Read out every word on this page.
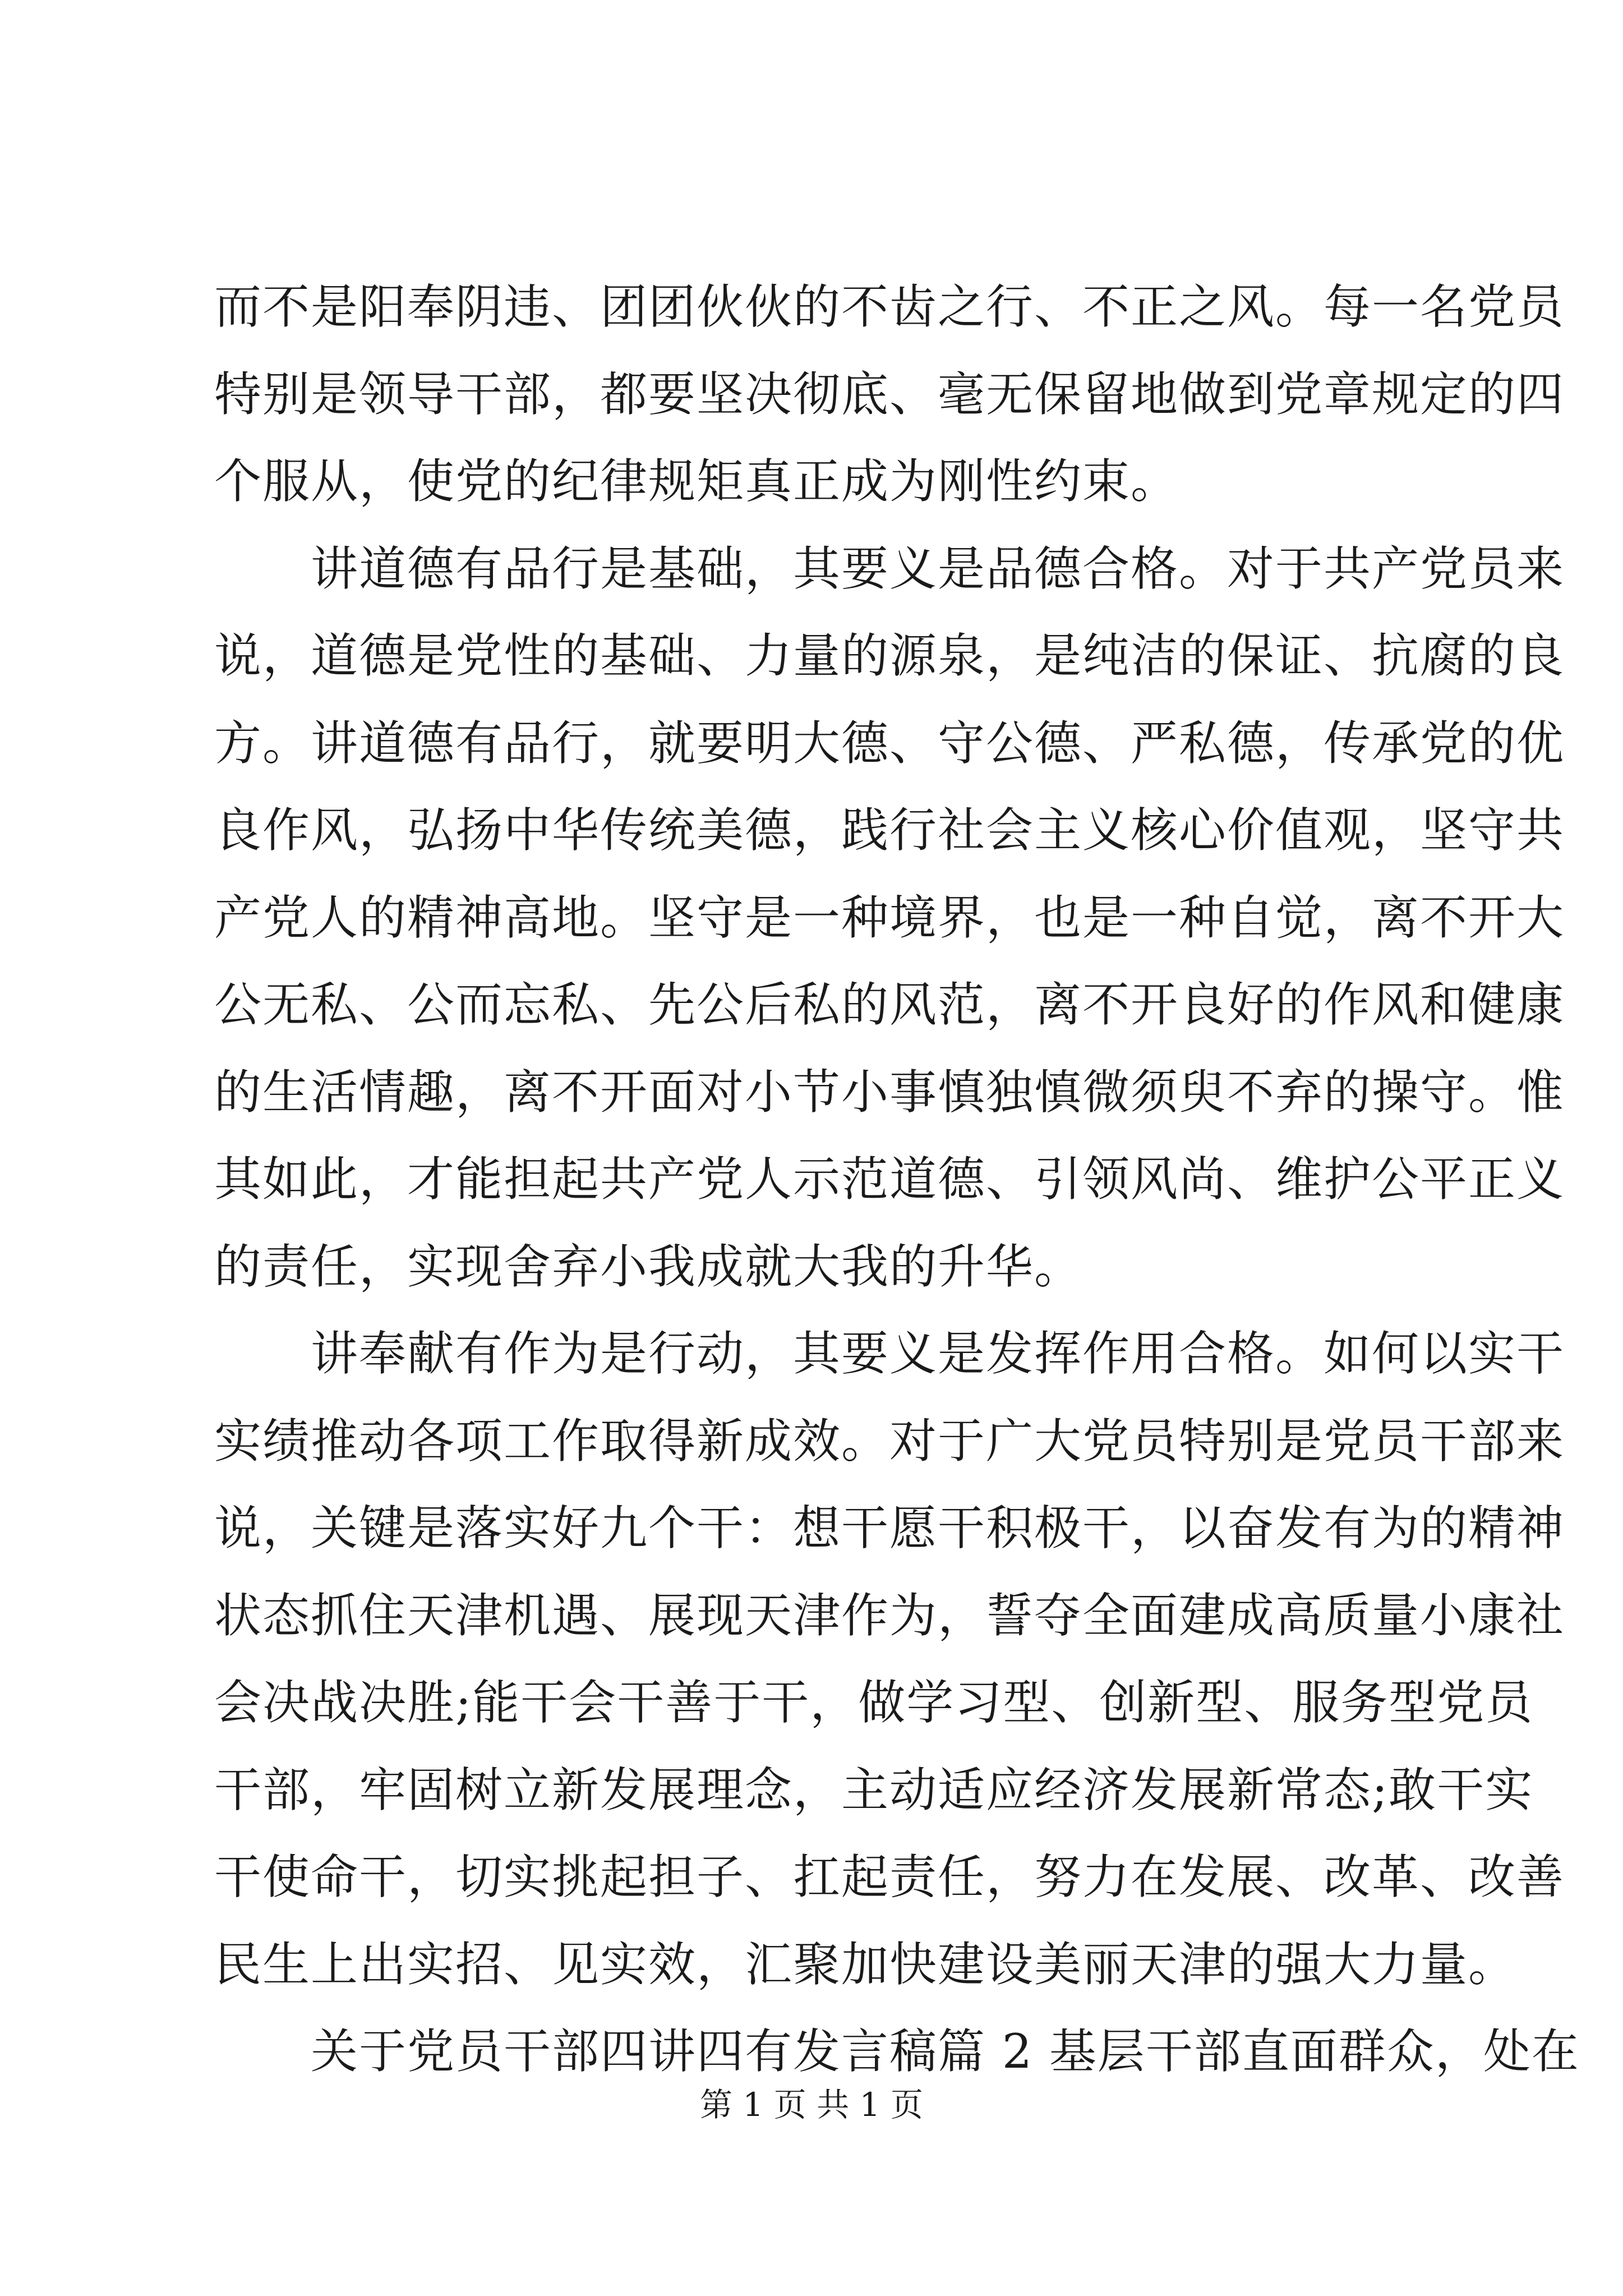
而不是阳奉阴违、团团伙伙的不齿之行、不正之风。每一名党员
特别是领导干部，都要坚决彻底、毫无保留地做到党章规定的四
个服从，使党的纪律规矩真正成为刚性约束。
讲道德有品行是基础，其要义是品德合格。对于共产党员来
说，道德是党性的基础、力量的源泉，是纯洁的保证、抗腐的良
方。讲道德有品行，就要明大德、守公德、严私德，传承党的优
良作风，弘扬中华传统美德，践行社会主义核心价值观，坚守共
产党人的精神高地。坚守是一种境界，也是一种自觉，离不开大
公无私、公而忘私、先公后私的风范，离不开良好的作风和健康
的生活情趣，离不开面对小节小事慎独慎微须臾不弃的操守。惟
其如此，才能担起共产党人示范道德、引领风尚、维护公平正义
的责任，实现舍弃小我成就大我的升华。
讲奉献有作为是行动，其要义是发挥作用合格。如何以实干
实绩推动各项工作取得新成效。对于广大党员特别是党员干部来
说，关键是落实好九个干：想干愿干积极干，以奋发有为的精神
状态抓住天津机遇、展现天津作为，誓夺全面建成高质量小康社
会决战决胜;能干会干善于干，做学习型、创新型、服务型党员
干部，牢固树立新发展理念，主动适应经济发展新常态;敢干实
干使命干，切实挑起担子、扛起责任，努力在发展、改革、改善
民生上出实招、见实效，汇聚加快建设美丽天津的强大力量。
关于党员干部四讲四有发言稿篇 2 基层干部直面群众，处在
第 1 页 共 1 页
